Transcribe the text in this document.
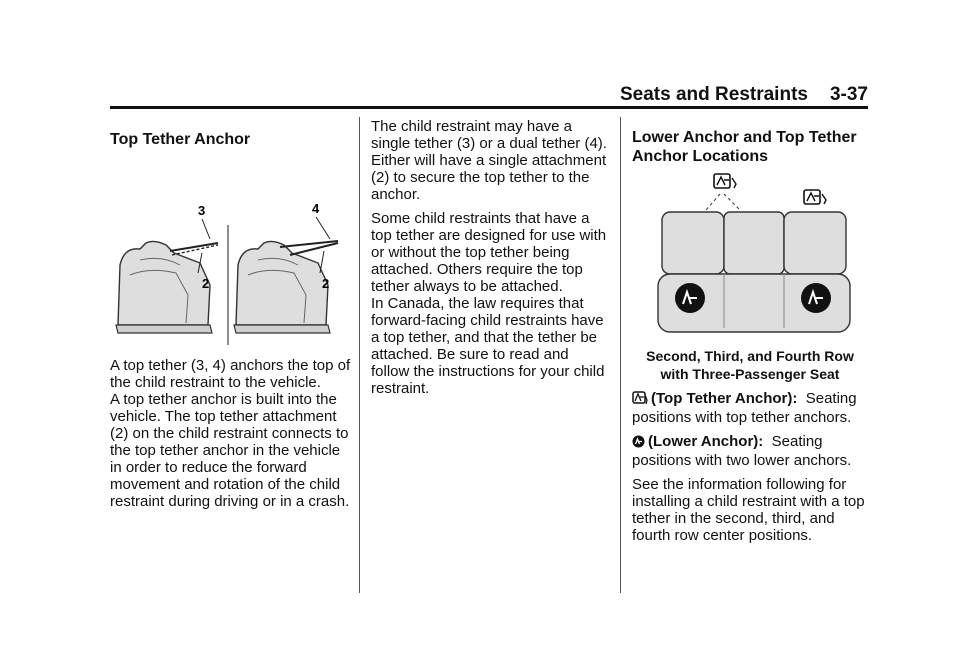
Seats and Restraints 3-37
Top Tether Anchor
3
2
4
2

A top tether (3, 4) anchors the top of the child restraint to the vehicle.

A top tether anchor is built into the vehicle. The top tether attachment (2) on the child restraint connects to the top tether anchor in the vehicle in order to reduce the forward movement and rotation of the child restraint during driving or in a crash.

The child restraint may have a single tether (3) or a dual tether (4). Either will have a single attachment (2) to secure the top tether to the anchor.

Some child restraints that have a top tether are designed for use with or without the top tether being attached. Others require the top tether always to be attached.

In Canada, the law requires that forward-facing child restraints have a top tether, and that the tether be attached. Be sure to read and follow the instructions for your child restraint.

Lower Anchor and Top Tether Anchor Locations
Second, Third, and Fourth Row
with Three-Passenger Seat

(Top Tether Anchor): Seating positions with top tether anchors.

(Lower Anchor): Seating positions with two lower anchors.

See the information following for installing a child restraint with a top tether in the second, third, and fourth row center positions.
